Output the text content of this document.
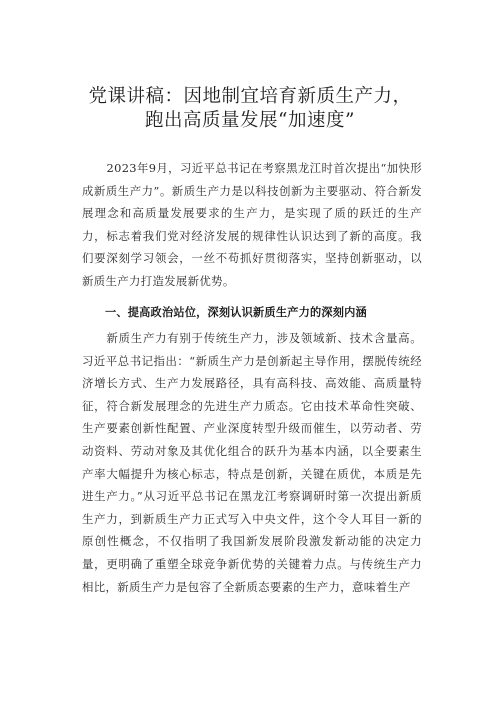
党课讲稿：因地制宜培育新质生产力，
跑出高质量发展“加速度”
2023年9月，习近平总书记在考察黑龙江时首次提出“加快形成新质生产力”。新质生产力是以科技创新为主要驱动、符合新发展理念和高质量发展要求的生产力，是实现了质的跃迁的生产力，标志着我们党对经济发展的规律性认识达到了新的高度。我们要深刻学习领会，一丝不苟抓好贯彻落实，坚持创新驱动，以新质生产力打造发展新优势。
一、提高政治站位，深刻认识新质生产力的深刻内涵
新质生产力有别于传统生产力，涉及领域新、技术含量高。习近平总书记指出：“新质生产力是创新起主导作用，摆脱传统经济增长方式、生产力发展路径，具有高科技、高效能、高质量特征，符合新发展理念的先进生产力质态。它由技术革命性突破、生产要素创新性配置、产业深度转型升级而催生，以劳动者、劳动资料、劳动对象及其优化组合的跃升为基本内涵，以全要素生产率大幅提升为核心标志，特点是创新，关键在质优，本质是先进生产力。”从习近平总书记在黑龙江考察调研时第一次提出新质生产力，到新质生产力正式写入中央文件，这个令人耳目一新的原创性概念，不仅指明了我国新发展阶段激发新动能的决定力量，更明确了重塑全球竞争新优势的关键着力点。与传统生产力相比，新质生产力是包容了全新质态要素的生产力，意味着生产
